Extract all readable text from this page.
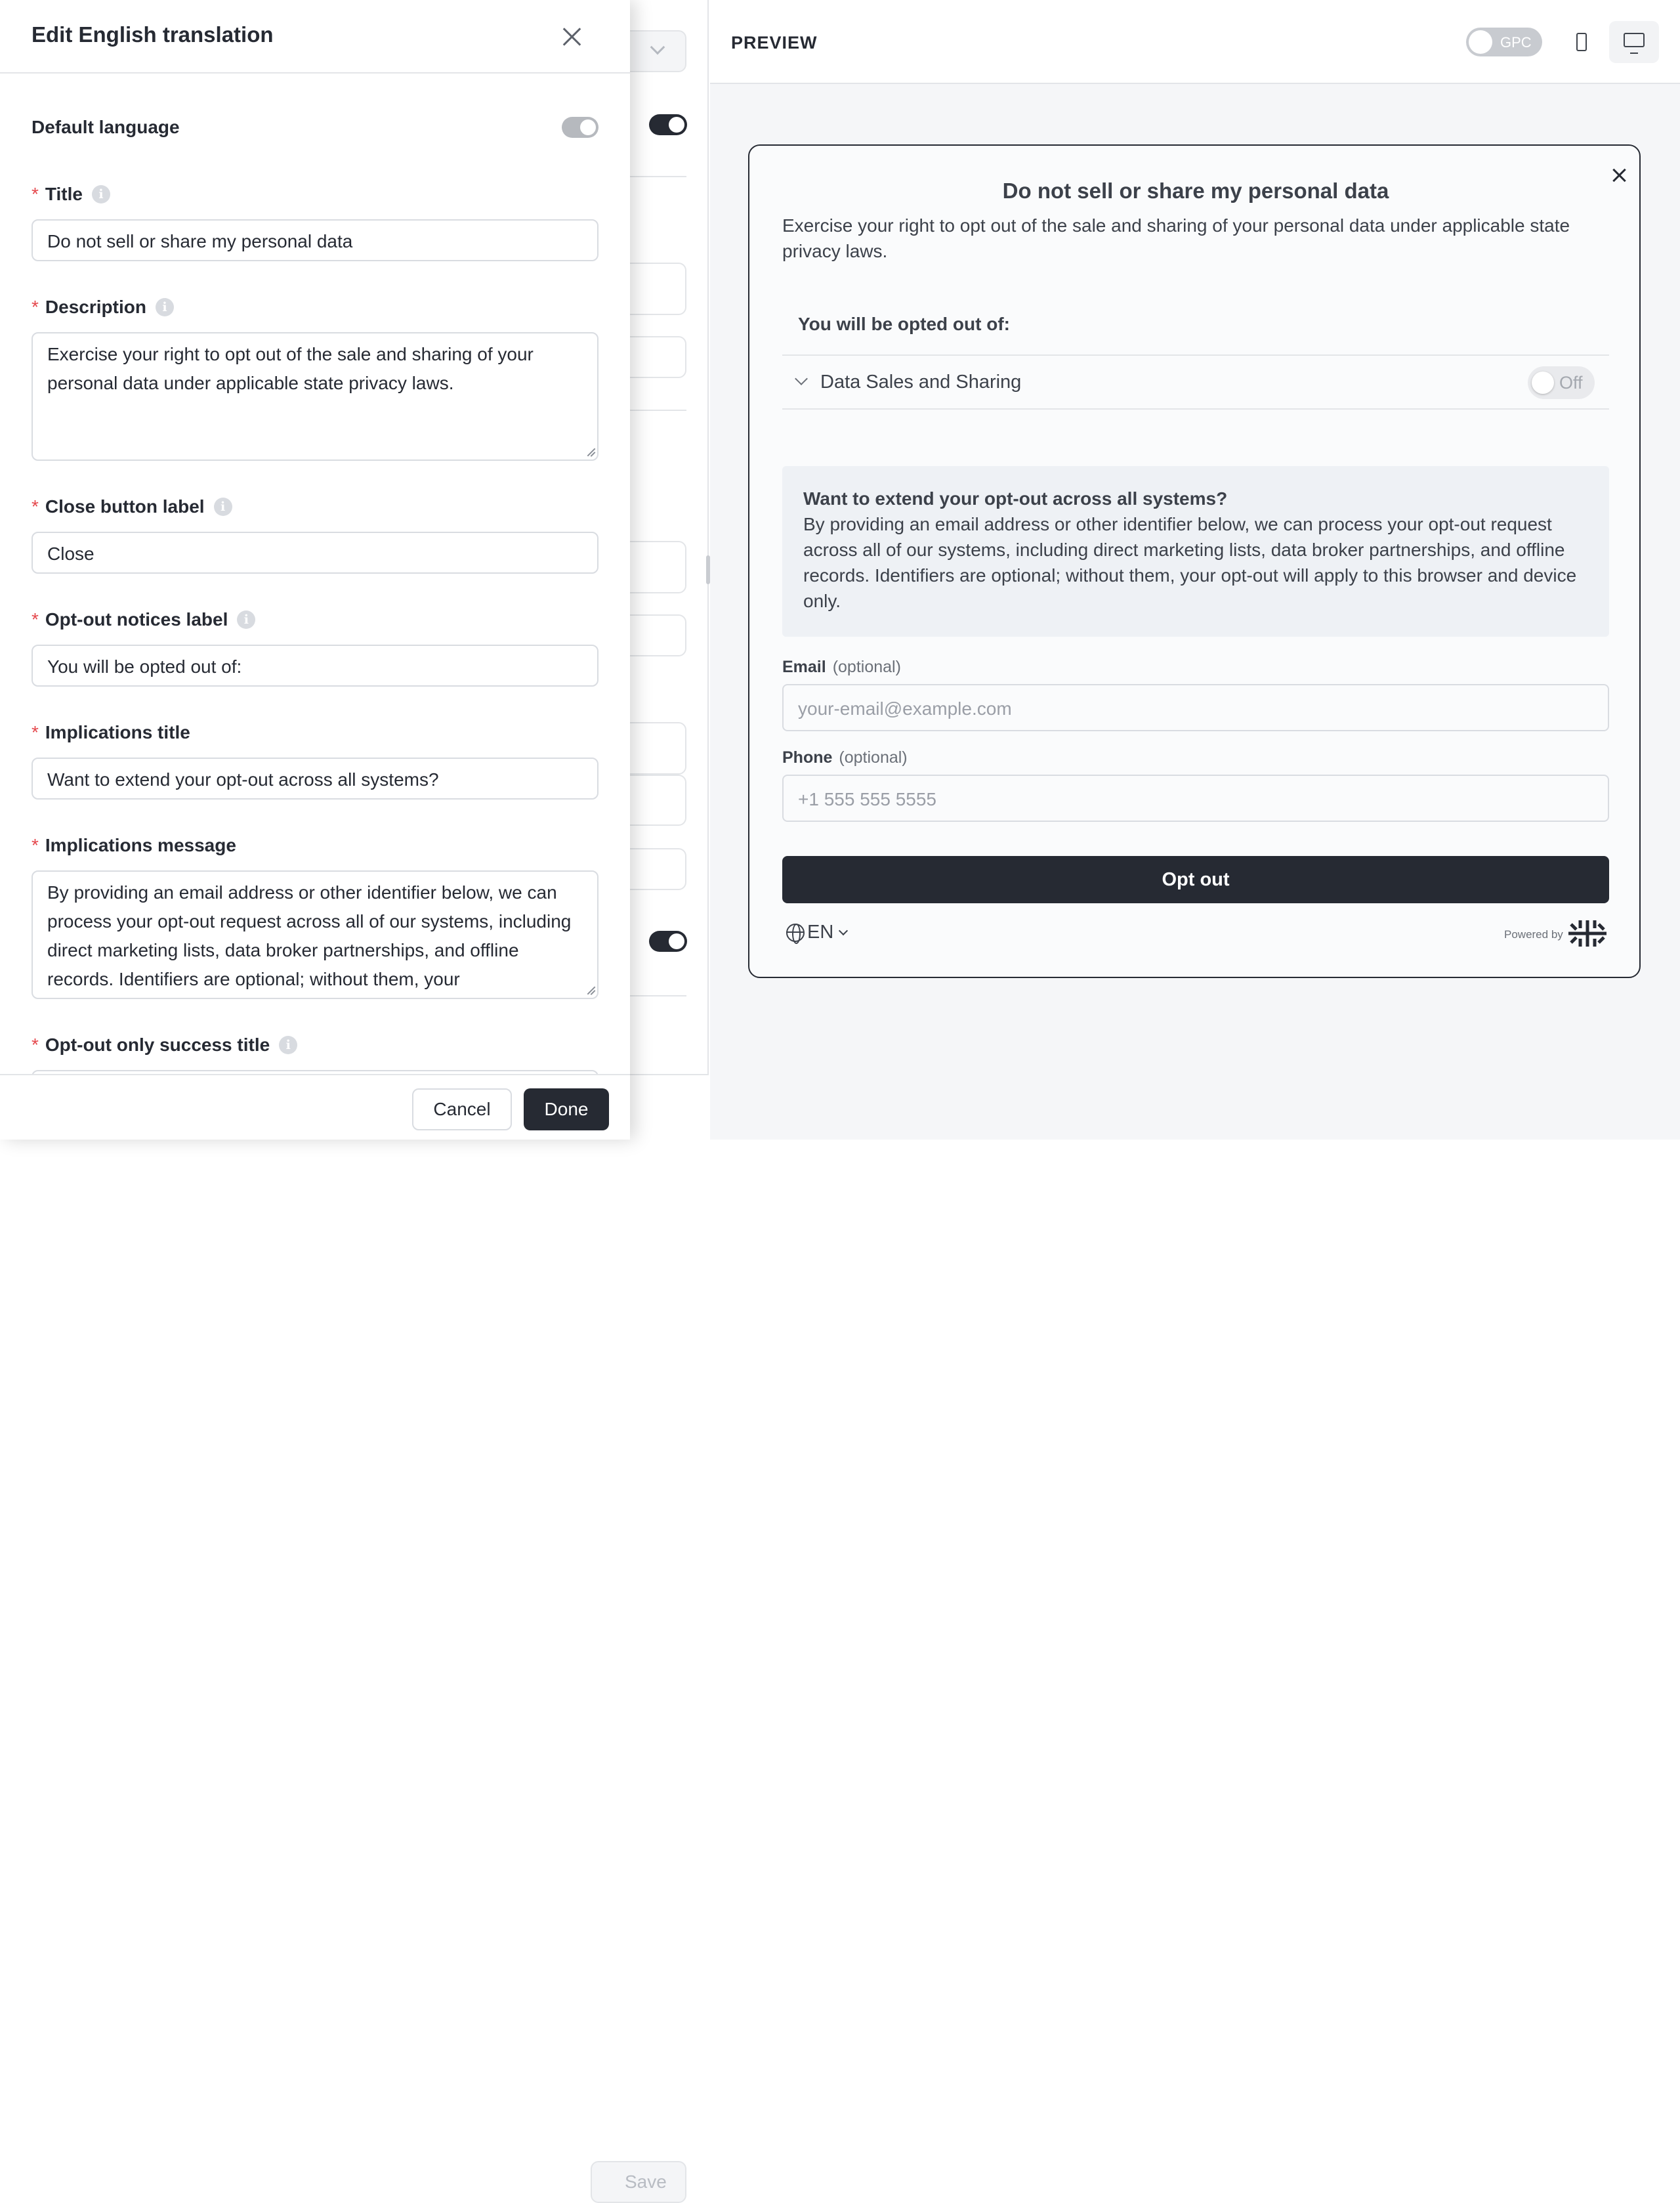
Save
Edit English translation
Default language
* Title	i
Do not sell or share my personal data
* Description	i
Exercise your right to opt out of the sale and sharing of your personal data under applicable state privacy laws.
* Close button label	i
Close
* Opt-out notices label	i
You will be opted out of:
* Implications title
Want to extend your opt-out across all systems?
* Implications message
By providing an email address or other identifier below, we can process your opt-out request across all of our systems, including direct marketing lists, data broker partnerships, and offline records. Identifiers are optional; without them, your
* Opt-out only success title	i
Cancel	Done
PREVIEW	GPC
Do not sell or share my personal data
Exercise your right to opt out of the sale and sharing of your personal data under applicable state privacy laws.
You will be opted out of:
Data Sales and Sharing	Off
Want to extend your opt-out across all systems?
By providing an email address or other identifier below, we can process your opt-out request across all of our systems, including direct marketing lists, data broker partnerships, and offline records. Identifiers are optional; without them, your opt-out will apply to this browser and device only.
Email (optional)
your-email@example.com
Phone (optional)
+1 555 555 5555
Opt out
EN	Powered by
